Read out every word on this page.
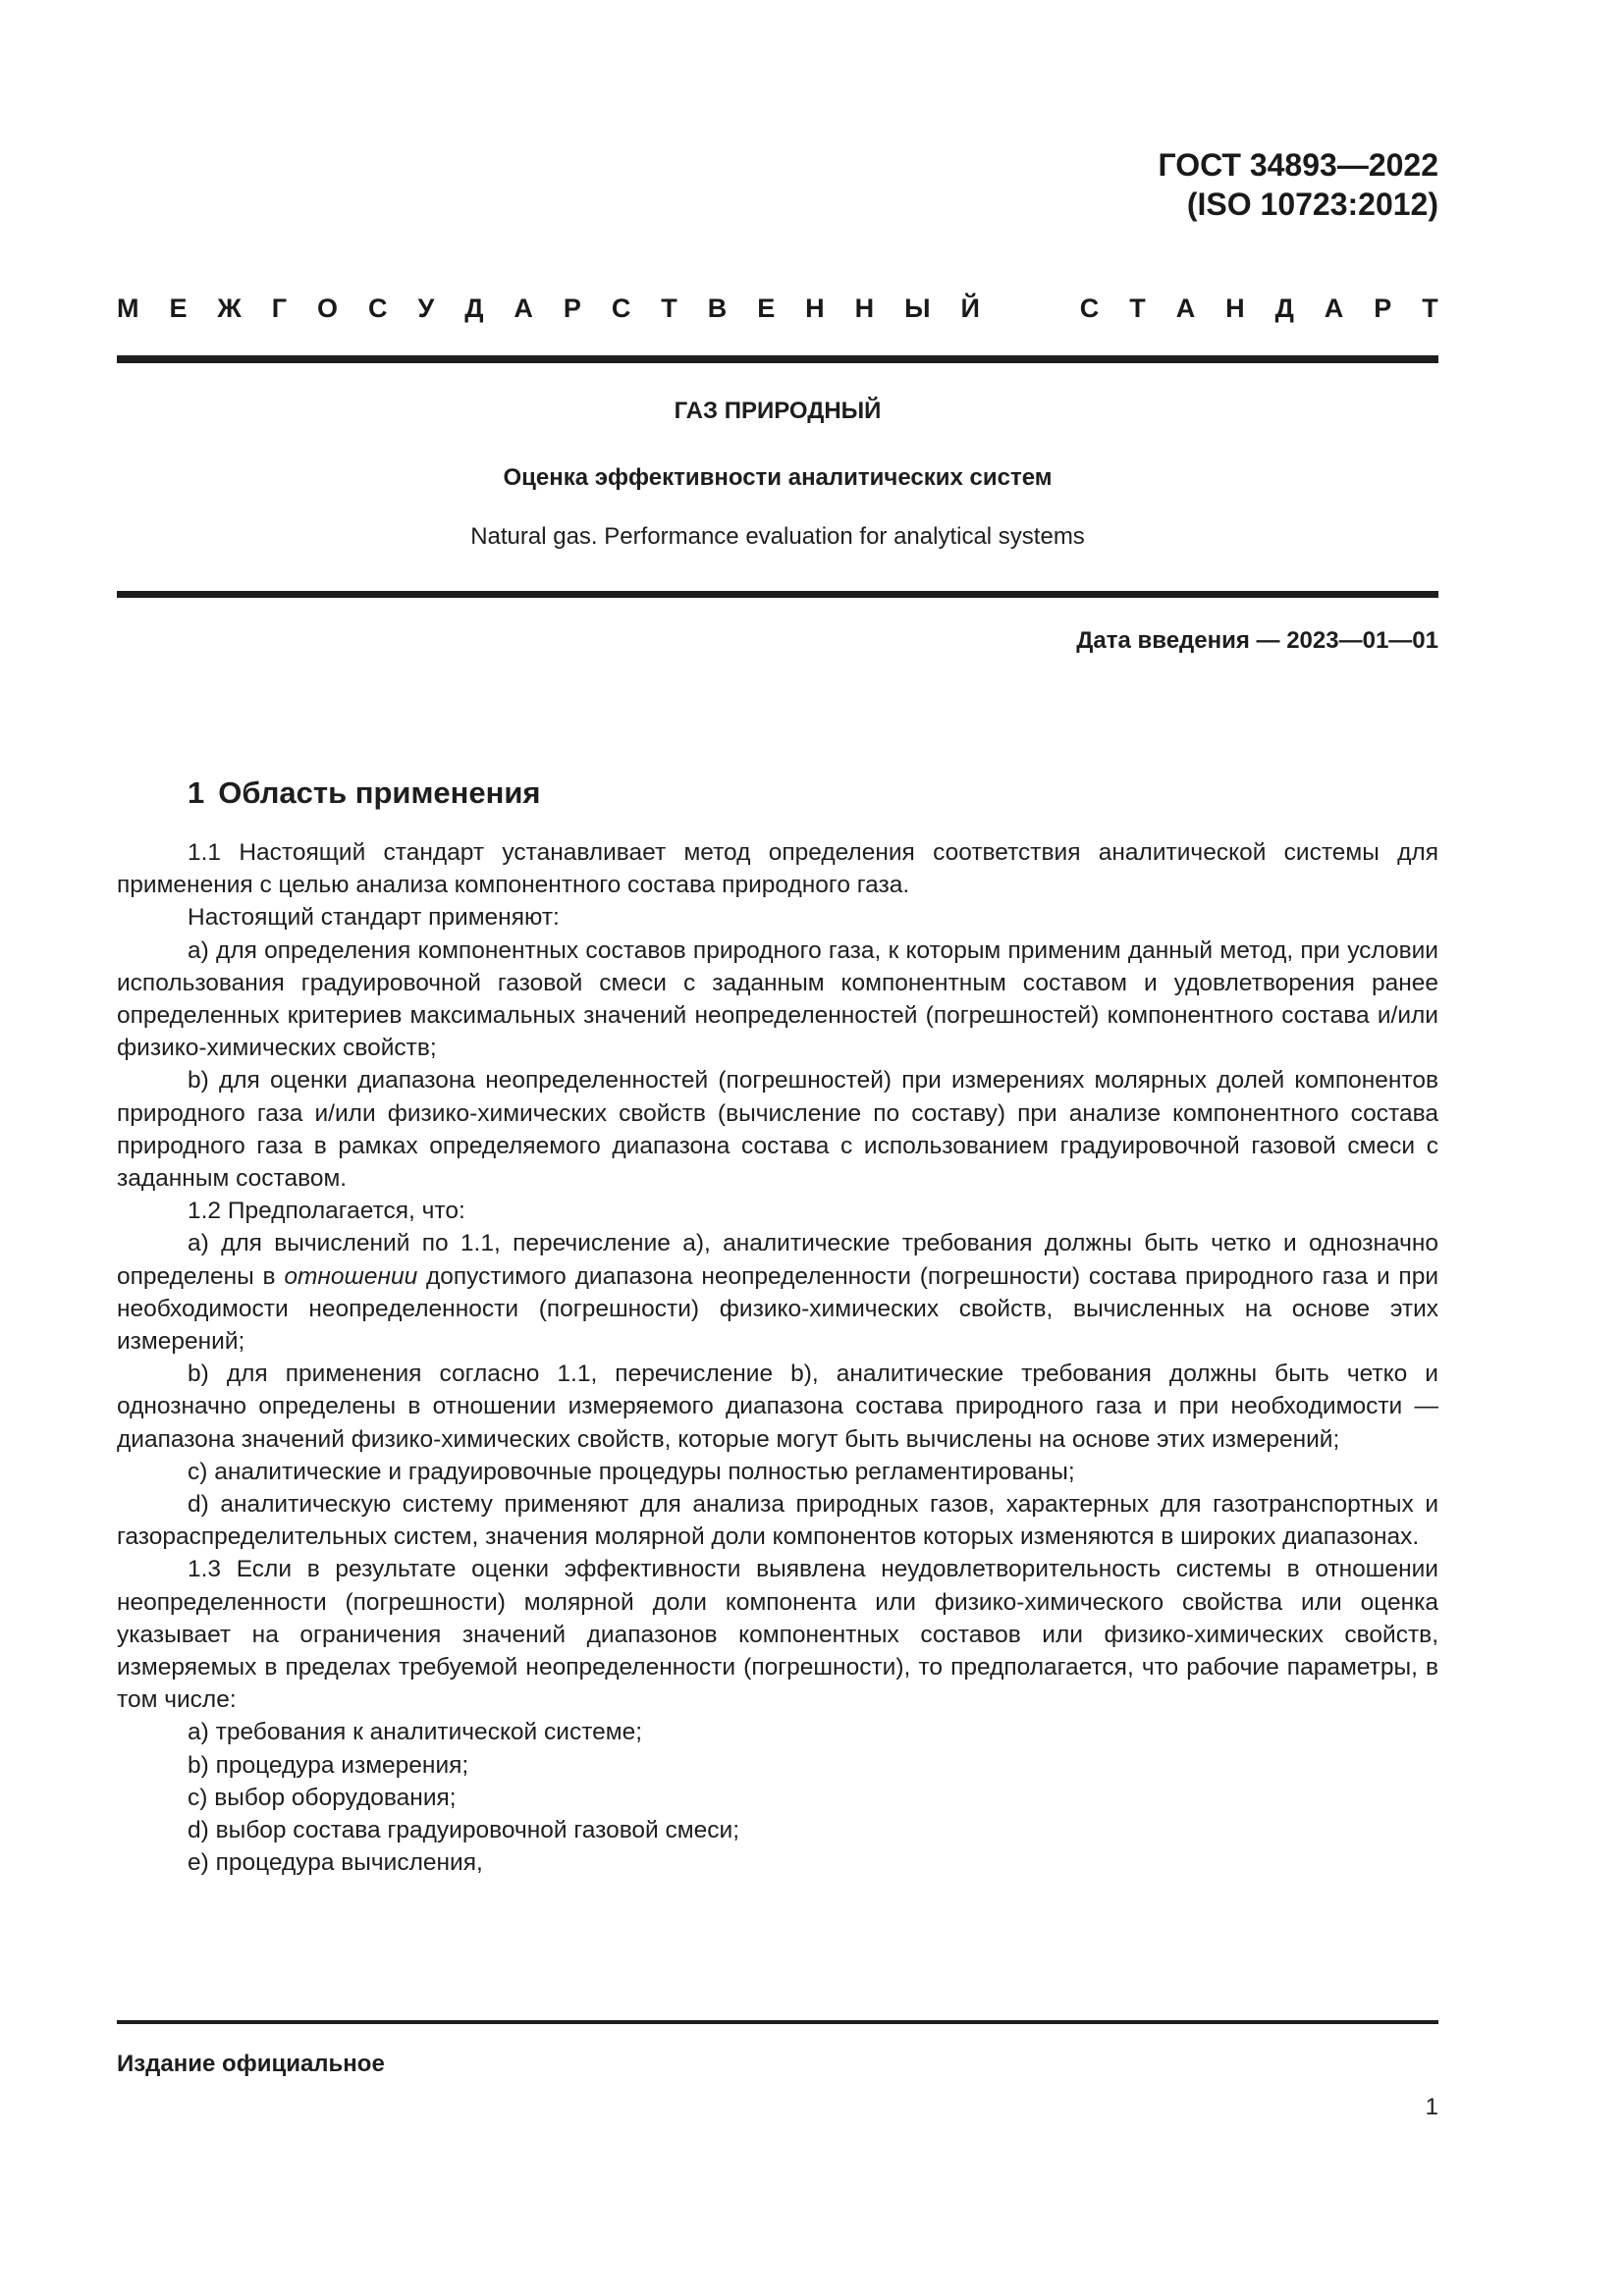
ГОСТ 34893—2022
(ISO 10723:2012)
М Е Ж Г О С У Д А Р С Т В Е Н Н Ы Й	С Т А Н Д А Р Т
ГАЗ ПРИРОДНЫЙ
Оценка эффективности аналитических систем
Natural gas. Performance evaluation for analytical systems
Дата введения — 2023—01—01
1 Область применения

1.1 Настоящий стандарт устанавливает метод определения соответствия аналитической системы для применения с целью анализа компонентного состава природного газа.

Настоящий стандарт применяют:

a) для определения компонентных составов природного газа, к которым применим данный метод, при условии использования градуировочной газовой смеси с заданным компонентным составом и удовлетворения ранее определенных критериев максимальных значений неопределенностей (погрешностей) компонентного состава и/или физико-химических свойств;

b) для оценки диапазона неопределенностей (погрешностей) при измерениях молярных долей компонентов природного газа и/или физико-химических свойств (вычисление по составу) при анализе компонентного состава природного газа в рамках определяемого диапазона состава с использованием градуировочной газовой смеси с заданным составом.

1.2 Предполагается, что:

a) для вычислений по 1.1, перечисление a), аналитические требования должны быть четко и однозначно определены в отношении допустимого диапазона неопределенности (погрешности) состава природного газа и при необходимости неопределенности (погрешности) физико-химических свойств, вычисленных на основе этих измерений;

b) для применения согласно 1.1, перечисление b), аналитические требования должны быть четко и однозначно определены в отношении измеряемого диапазона состава природного газа и при необходимости — диапазона значений физико-химических свойств, которые могут быть вычислены на основе этих измерений;

c) аналитические и градуировочные процедуры полностью регламентированы;

d) аналитическую систему применяют для анализа природных газов, характерных для газотранспортных и газораспределительных систем, значения молярной доли компонентов которых изменяются в широких диапазонах.

1.3 Если в результате оценки эффективности выявлена неудовлетворительность системы в отношении неопределенности (погрешности) молярной доли компонента или физико-химического свойства или оценка указывает на ограничения значений диапазонов компонентных составов или физико-химических свойств, измеряемых в пределах требуемой неопределенности (погрешности), то предполагается, что рабочие параметры, в том числе:

a) требования к аналитической системе;

b) процедура измерения;

c) выбор оборудования;

d) выбор состава градуировочной газовой смеси;

e) процедура вычисления,

Издание официальное
1
